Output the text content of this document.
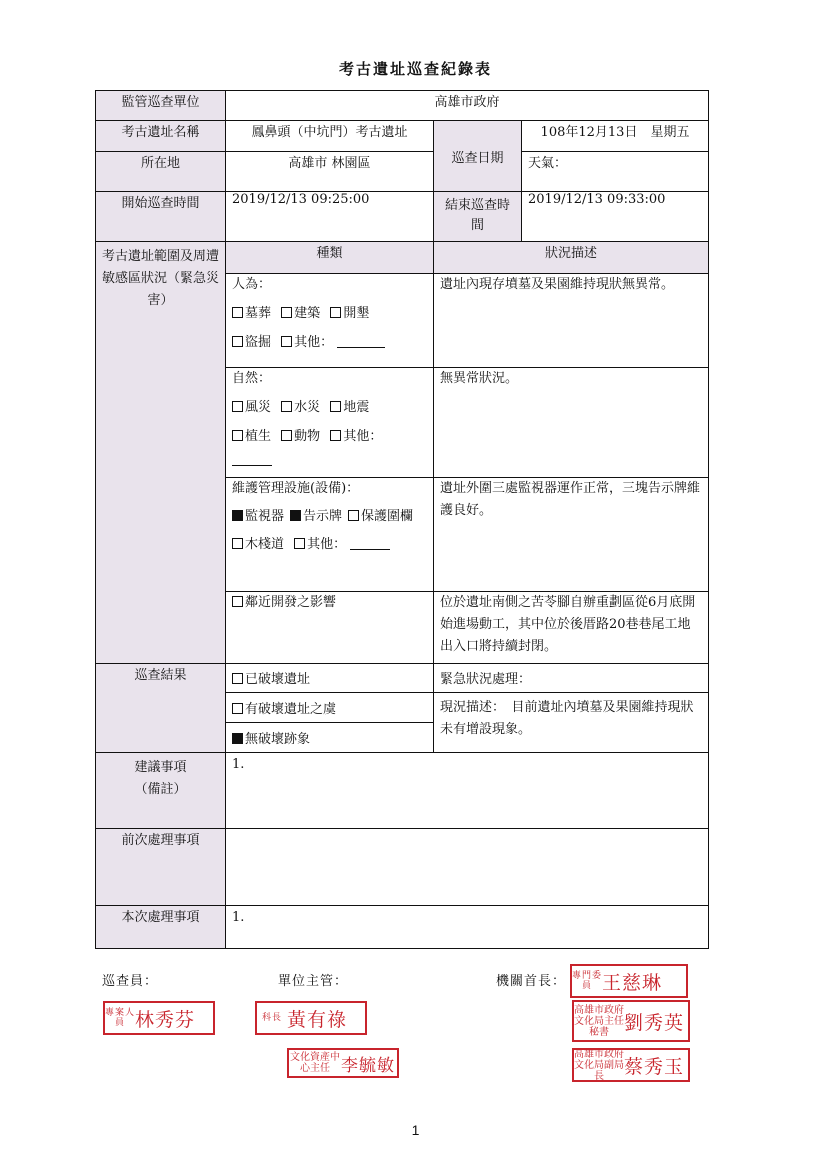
考古遺址巡查紀錄表
監管巡查單位	高雄市政府		
考古遺址名稱	鳳鼻頭（中坑門）考古遺址	巡查日期	108年12月13日　星期五
所在地	高雄市 林園區		天氣：
開始巡查時間	2019/12/13 09:25:00	結束巡查時間	2019/12/13 09:33:00
考古遺址範圍及周遭敏感區狀況（緊急災害）	種類	狀況描述	

	人為：
墓葬 建築 開墾
盜掘 其他：	遺址內現存墳墓及果園維持現狀無異常。	

	自然：
風災 水災 地震
植生 動物 其他：	無異常狀況。	

	維護管理設施(設備)：
監視器 告示牌 保護圍欄
木棧道 其他：	遺址外圍三處監視器運作正常，三塊告示牌維護良好。	
	鄰近開發之影響	位於遺址南側之苦苓腳自辦重劃區從6月底開始進場動工，其中位於後厝路20巷巷尾工地出入口將持續封閉。	
巡查結果	已破壞遺址	緊急狀況處理：	
	有破壞遺址之虞	現況描述：　目前遺址內墳墓及果園維持現狀未有增設現象。	
	無破壞跡象		

建議事項
（備註）	1.		
前次處理事項			
本次處理事項	1.		
巡查員：	單位主管：	機關首長： 專門委員 王慈琳
專案人員 林秀芬	科長 黃有祿	高雄市政府文化局主任秘書 劉秀英
文化資產中心主任 李毓敏
高雄市政府文化局副局長	蔡秀玉
1
